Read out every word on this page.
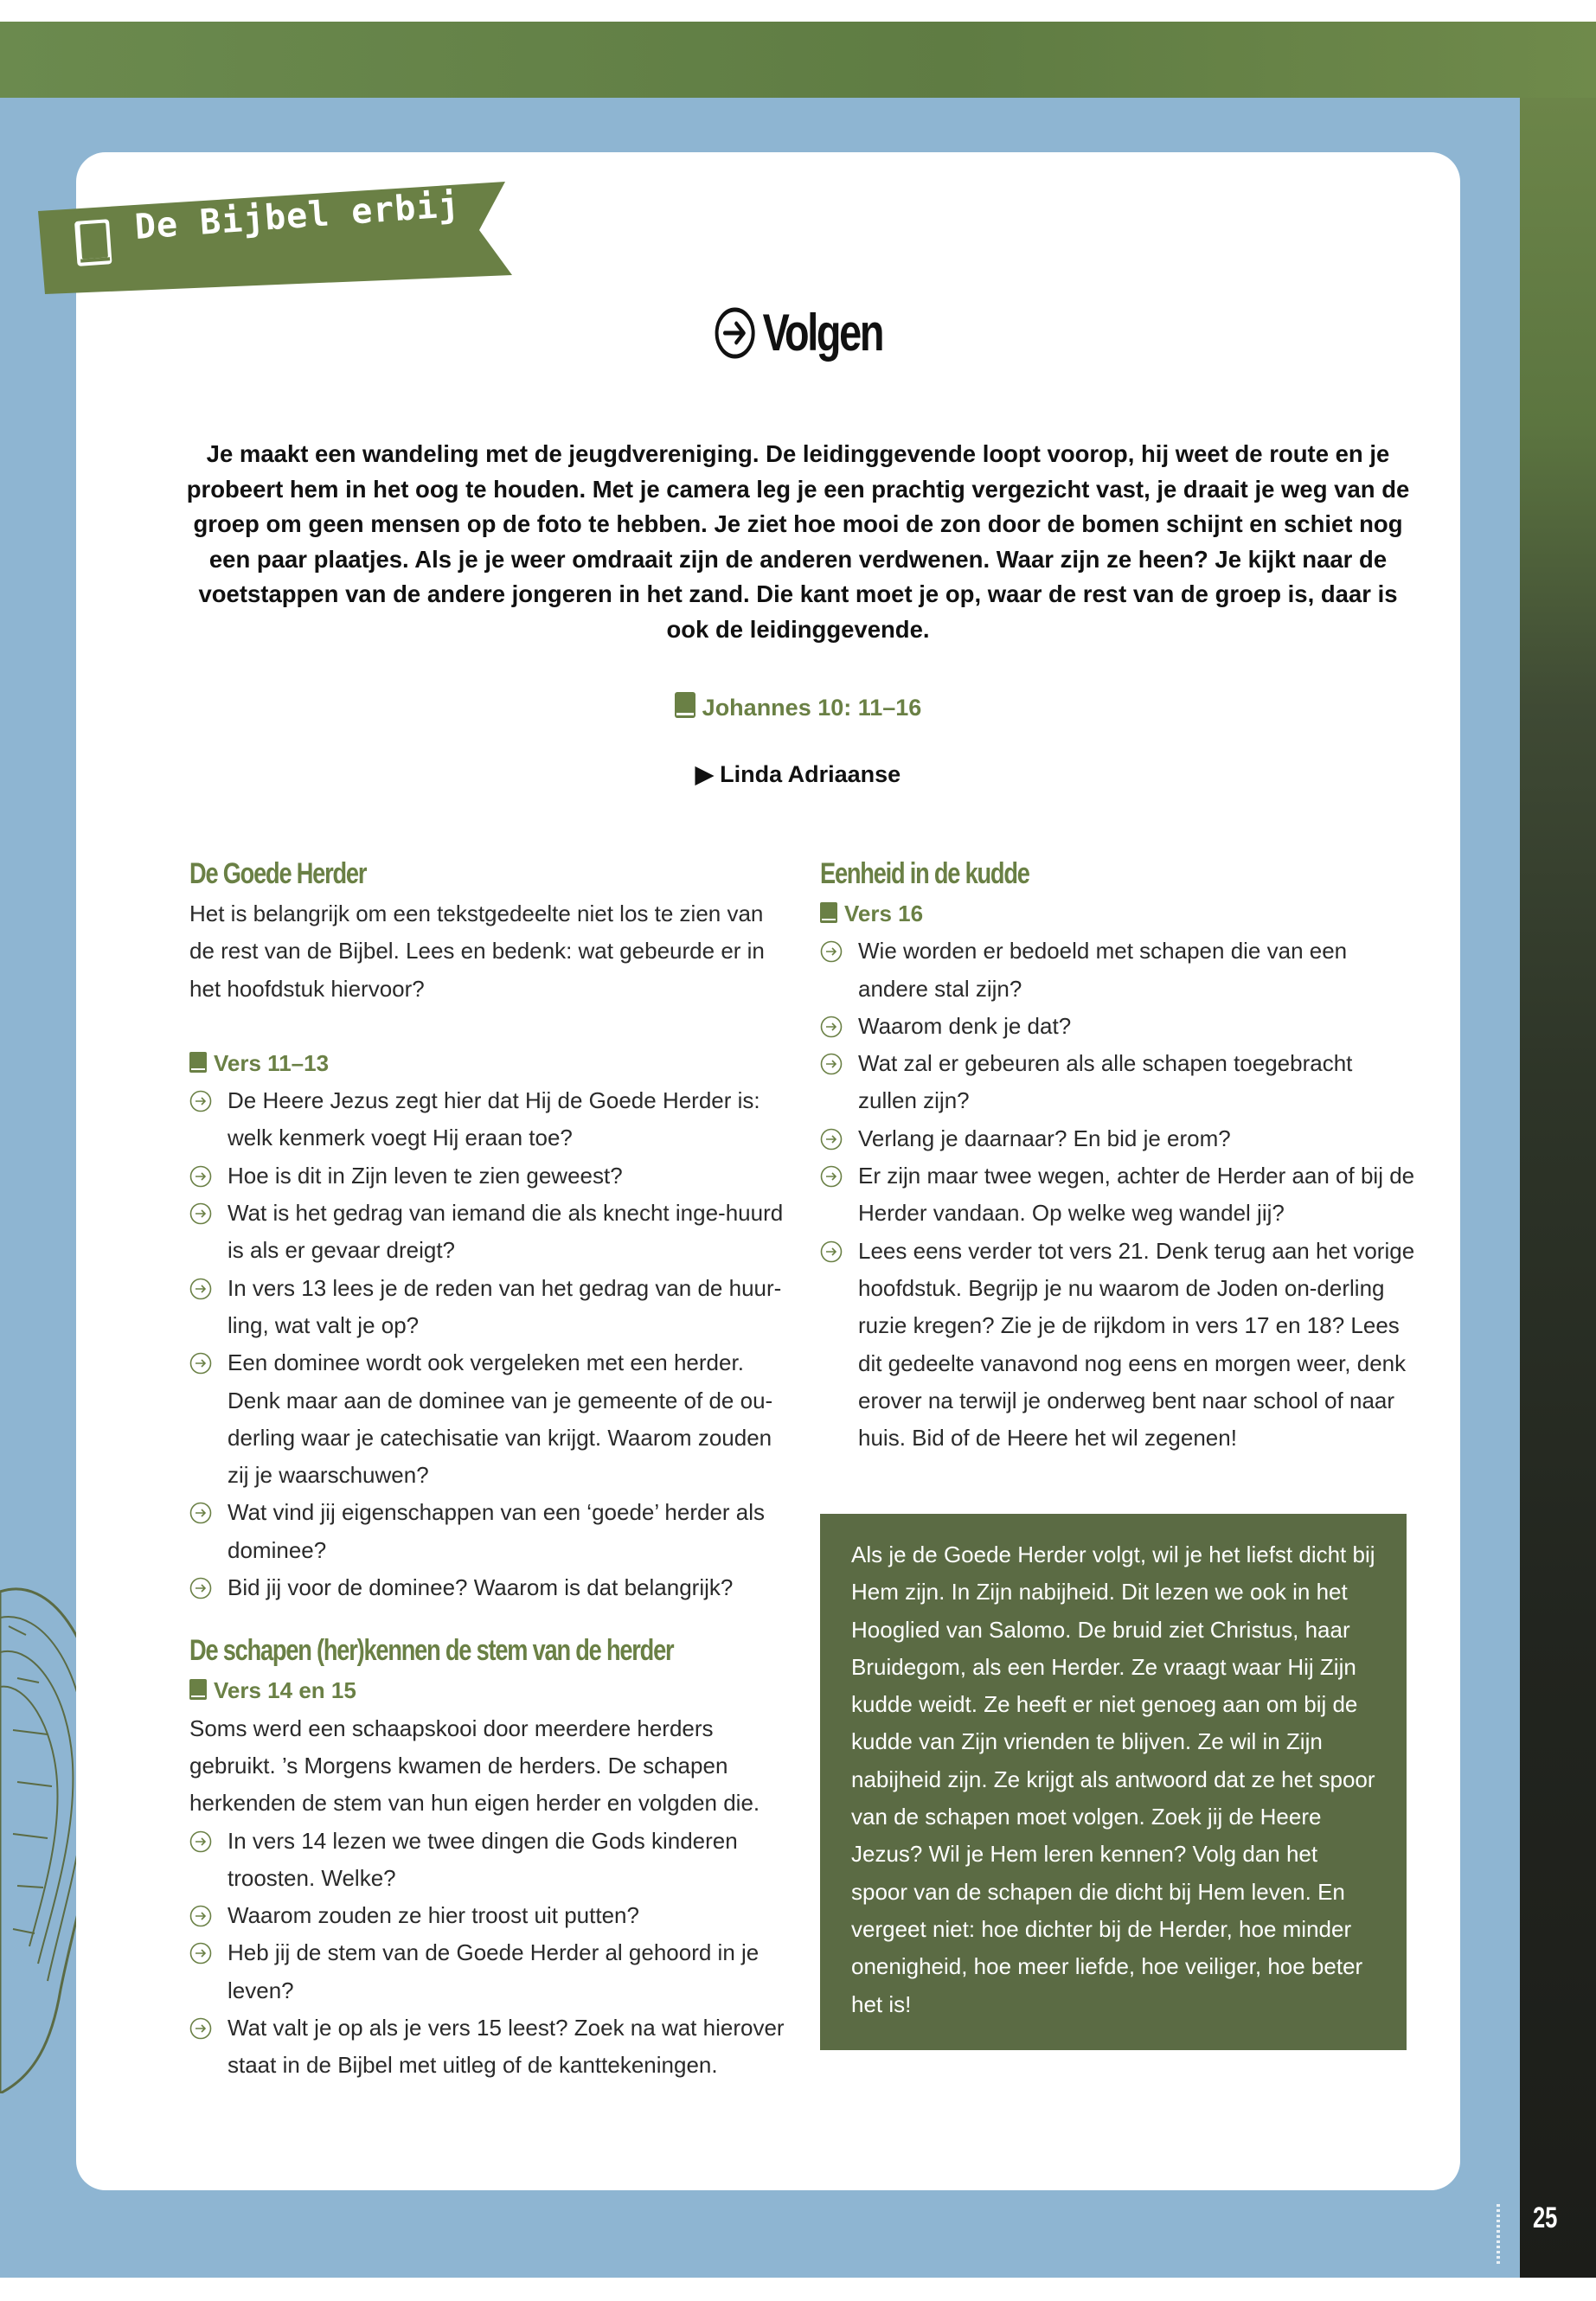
De Bijbel erbij
Volgen
Je maakt een wandeling met de jeugdvereniging. De leidinggevende loopt voorop, hij weet de route en je probeert hem in het oog te houden. Met je camera leg je een prachtig vergezicht vast, je draait je weg van de groep om geen mensen op de foto te hebben. Je ziet hoe mooi de zon door de bomen schijnt en schiet nog een paar plaatjes. Als je je weer omdraait zijn de anderen verdwenen. Waar zijn ze heen? Je kijkt naar de voetstappen van de andere jongeren in het zand. Die kant moet je op, waar de rest van de groep is, daar is ook de leidinggevende.
Johannes 10: 11–16
▶ Linda Adriaanse
De Goede Herder

Het is belangrijk om een tekstgedeelte niet los te zien van de rest van de Bijbel. Lees en bedenk: wat gebeurde er in het hoofdstuk hiervoor?

Vers 11–13

De Heere Jezus zegt hier dat Hij de Goede Herder is: welk kenmerk voegt Hij eraan toe?
Hoe is dit in Zijn leven te zien geweest?
Wat is het gedrag van iemand die als knecht inge-huurd is als er gevaar dreigt?
In vers 13 lees je de reden van het gedrag van de huur-ling, wat valt je op?
Een dominee wordt ook vergeleken met een herder. Denk maar aan de dominee van je gemeente of de ou-derling waar je catechisatie van krijgt. Waarom zouden zij je waarschuwen?
Wat vind jij eigenschappen van een ‘goede’ herder als dominee?
Bid jij voor de dominee? Waarom is dat belangrijk?
De schapen (her)kennen de stem van de herder

Vers 14 en 15

Soms werd een schaapskooi door meerdere herders gebruikt. ’s Morgens kwamen de herders. De schapen herkenden de stem van hun eigen herder en volgden die.

In vers 14 lezen we twee dingen die Gods kinderen troosten. Welke?
Waarom zouden ze hier troost uit putten?
Heb jij de stem van de Goede Herder al gehoord in je leven?
Wat valt je op als je vers 15 leest? Zoek na wat hierover staat in de Bijbel met uitleg of de kanttekeningen.
Eenheid in de kudde

Vers 16

Wie worden er bedoeld met schapen die van een andere stal zijn?
Waarom denk je dat?
Wat zal er gebeuren als alle schapen toegebracht zullen zijn?
Verlang je daarnaar? En bid je erom?
Er zijn maar twee wegen, achter de Herder aan of bij de Herder vandaan. Op welke weg wandel jij?
Lees eens verder tot vers 21. Denk terug aan het vorige hoofdstuk. Begrijp je nu waarom de Joden on-derling ruzie kregen? Zie je de rijkdom in vers 17 en 18? Lees dit gedeelte vanavond nog eens en morgen weer, denk erover na terwijl je onderweg bent naar school of naar huis. Bid of de Heere het wil zegenen!
Als je de Goede Herder volgt, wil je het liefst dicht bij Hem zijn. In Zijn nabijheid. Dit lezen we ook in het Hooglied van Salomo. De bruid ziet Christus, haar Bruidegom, als een Herder. Ze vraagt waar Hij Zijn kudde weidt. Ze heeft er niet genoeg aan om bij de kudde van Zijn vrienden te blijven. Ze wil in Zijn nabijheid zijn. Ze krijgt als antwoord dat ze het spoor van de schapen moet volgen. Zoek jij de Heere Jezus? Wil je Hem leren kennen? Volg dan het spoor van de schapen die dicht bij Hem leven. En vergeet niet: hoe dichter bij de Herder, hoe minder onenigheid, hoe meer liefde, hoe veiliger, hoe beter het is!
25
